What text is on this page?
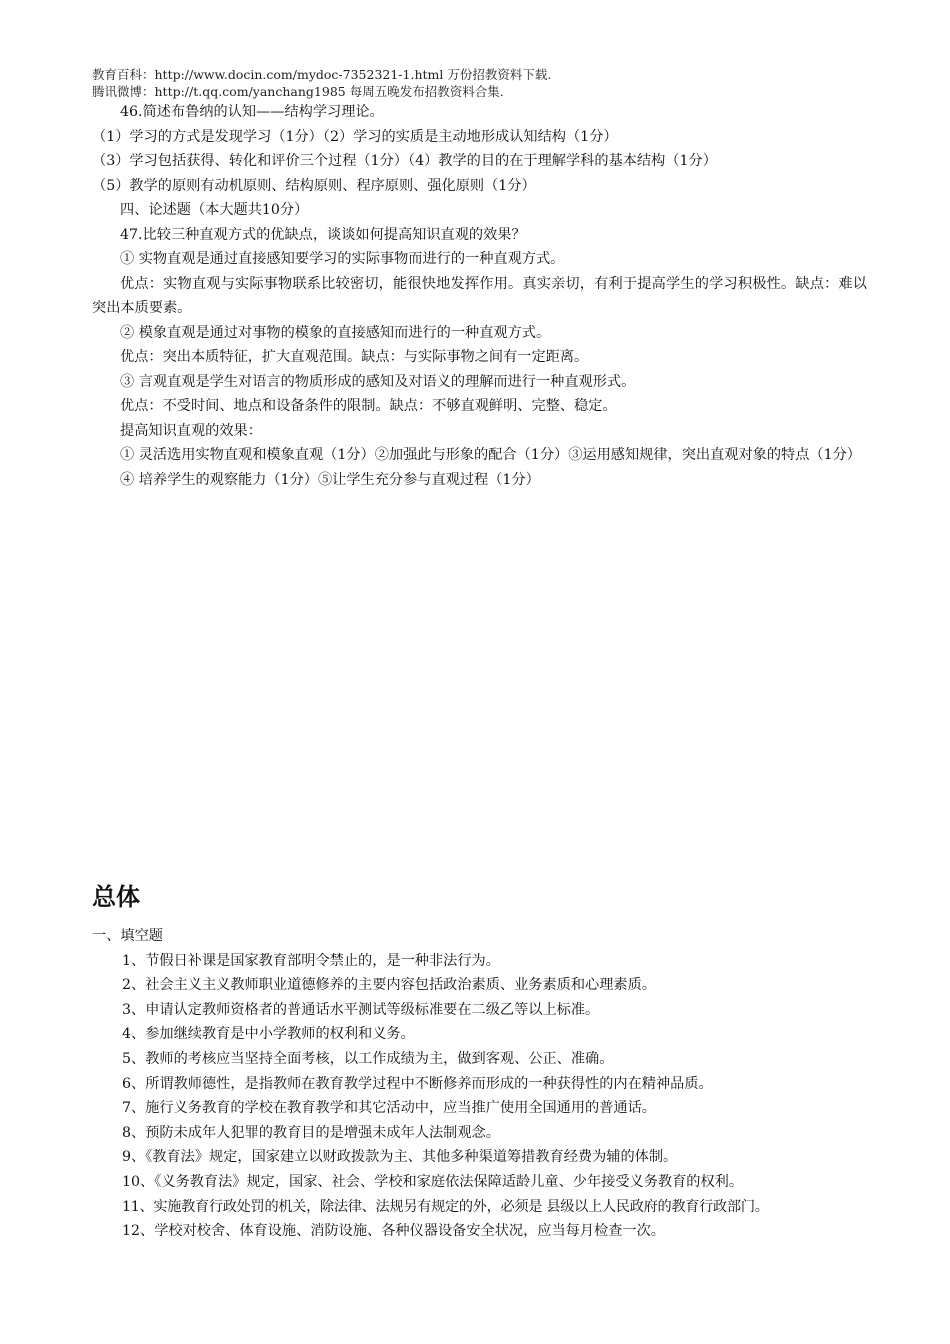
教育百科：http://www.docin.com/mydoc-7352321-1.html 万份招教资料下载.
腾讯微博：http://t.qq.com/yanchang1985 每周五晚发布招教资料合集.

46.简述布鲁纳的认知——结构学习理论。

（1）学习的方式是发现学习（1分）（2）学习的实质是主动地形成认知结构（1分）

（3）学习包括获得、转化和评价三个过程（1分）（4）教学的目的在于理解学科的基本结构（1分）

（5）教学的原则有动机原则、结构原则、程序原则、强化原则（1分）

四、论述题（本大题共10分）

47.比较三种直观方式的优缺点，谈谈如何提高知识直观的效果？

① 实物直观是通过直接感知要学习的实际事物而进行的一种直观方式。

优点：实物直观与实际事物联系比较密切，能很快地发挥作用。真实亲切，有利于提高学生的学习积极性。缺点：难以突出本质要素。

② 模象直观是通过对事物的模象的直接感知而进行的一种直观方式。

优点：突出本质特征，扩大直观范围。缺点：与实际事物之间有一定距离。

③ 言观直观是学生对语言的物质形成的感知及对语义的理解而进行一种直观形式。

优点：不受时间、地点和设备条件的限制。缺点：不够直观鲜明、完整、稳定。

提高知识直观的效果：

① 灵活选用实物直观和模象直观（1分）②加强此与形象的配合（1分）③运用感知规律，突出直观对象的特点（1分）

④ 培养学生的观察能力（1分）⑤让学生充分参与直观过程（1分）

总体

一、填空题

1、节假日补课是国家教育部明令禁止的，是一种非法行为。

2、社会主义主义教师职业道德修养的主要内容包括政治素质、业务素质和心理素质。

3、申请认定教师资格者的普通话水平测试等级标准要在二级乙等以上标准。

4、参加继续教育是中小学教师的权利和义务。

5、教师的考核应当坚持全面考核，以工作成绩为主，做到客观、公正、准确。

6、所谓教师德性，是指教师在教育教学过程中不断修养而形成的一种获得性的内在精神品质。

7、施行义务教育的学校在教育教学和其它活动中，应当推广使用全国通用的普通话。

8、预防未成年人犯罪的教育目的是增强未成年人法制观念。

9、《教育法》规定，国家建立以财政拨款为主、其他多种渠道筹措教育经费为辅的体制。

10、《义务教育法》规定，国家、社会、学校和家庭依法保障适龄儿童、少年接受义务教育的权利。

11、实施教育行政处罚的机关，除法律、法规另有规定的外，必须是 县级以上人民政府的教育行政部门。

12、学校对校舍、体育设施、消防设施、各种仪器设备安全状况，应当每月检查一次。
